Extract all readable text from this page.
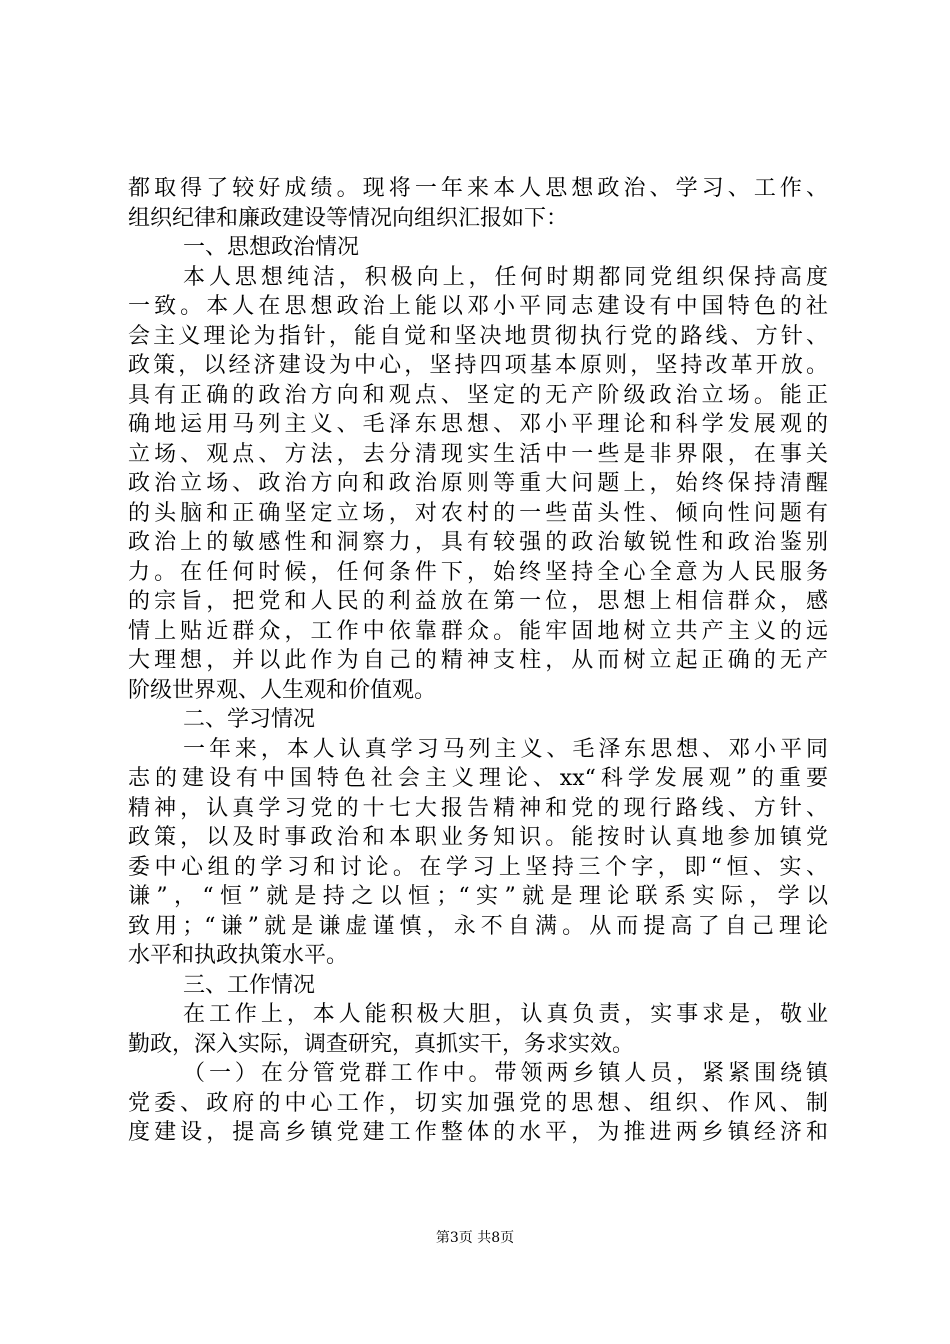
都取得了较好成绩。现将一年来本人思想政治、学习、工作、
组织纪律和廉政建设等情况向组织汇报如下：
一、思想政治情况
本人思想纯洁，积极向上，任何时期都同党组织保持高度
一致。本人在思想政治上能以邓小平同志建设有中国特色的社
会主义理论为指针，能自觉和坚决地贯彻执行党的路线、方针、
政策，以经济建设为中心，坚持四项基本原则，坚持改革开放。
具有正确的政治方向和观点、坚定的无产阶级政治立场。能正
确地运用马列主义、毛泽东思想、邓小平理论和科学发展观的
立场、观点、方法，去分清现实生活中一些是非界限，在事关
政治立场、政治方向和政治原则等重大问题上，始终保持清醒
的头脑和正确坚定立场，对农村的一些苗头性、倾向性问题有
政治上的敏感性和洞察力，具有较强的政治敏锐性和政治鉴别
力。在任何时候，任何条件下，始终坚持全心全意为人民服务
的宗旨，把党和人民的利益放在第一位，思想上相信群众，感
情上贴近群众，工作中依靠群众。能牢固地树立共产主义的远
大理想，并以此作为自己的精神支柱，从而树立起正确的无产
阶级世界观、人生观和价值观。
二、学习情况
一年来，本人认真学习马列主义、毛泽东思想、邓小平同
志的建设有中国特色社会主义理论、xx“科学发展观”的重要
精神，认真学习党的十七大报告精神和党的现行路线、方针、
政策，以及时事政治和本职业务知识。能按时认真地参加镇党
委中心组的学习和讨论。在学习上坚持三个字，即“恒、实、
谦”，“恒”就是持之以恒；“实”就是理论联系实际，学以
致用；“谦”就是谦虚谨慎，永不自满。从而提高了自己理论
水平和执政执策水平。
三、工作情况
在工作上，本人能积极大胆，认真负责，实事求是，敬业
勤政，深入实际，调查研究，真抓实干，务求实效。
（一）在分管党群工作中。带领两乡镇人员，紧紧围绕镇
党委、政府的中心工作，切实加强党的思想、组织、作风、制
度建设，提高乡镇党建工作整体的水平，为推进两乡镇经济和
第3页 共8页
